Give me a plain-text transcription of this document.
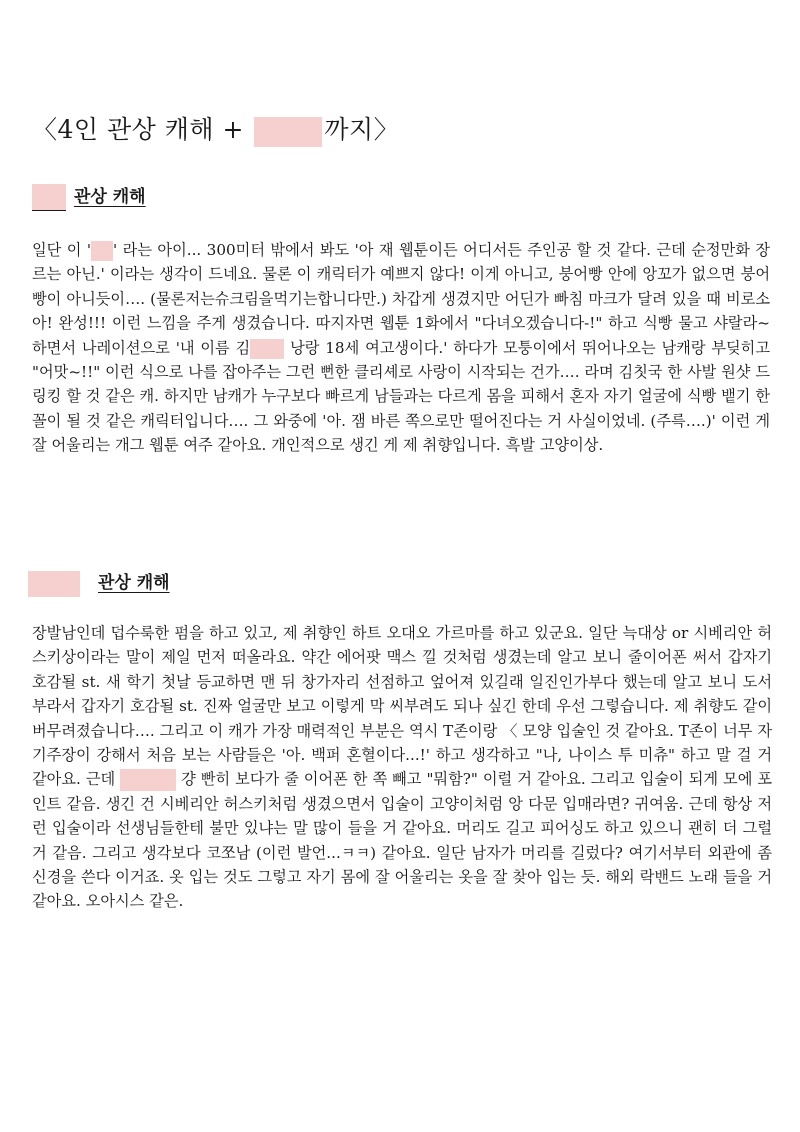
〈4인 관상 캐해 +	까지〉
관상 캐해

일단 이 ' ' 라는 아이... 300미터 밖에서 봐도 '아 재 웹툰이든 어디서든 주인공 할 것 같다. 근데 순정만화 장르는 아닌.' 이라는 생각이 드네요. 물론 이 캐릭터가 예쁘지 않다! 이게 아니고, 붕어빵 안에 앙꼬가 없으면 붕어빵이 아니듯이…. (물론저는슈크림을먹기는합니다만.) 차갑게 생겼지만 어딘가 빠침 마크가 달려 있을 때 비로소 아! 완성!!! 이런 느낌을 주게 생겼습니다. 따지자면 웹툰 1화에서 "다녀오겠습니다-!" 하고 식빵 물고 샤랄라~ 하면서 나레이션으로 '내 이름 김	낭랑 18세 여고생이다.' 하다가 모퉁이에서 뛰어나오는 남캐랑 부딪히고 "어맛~!!" 이런 식으로 나를 잡아주는 그런 뻔한 클리셰로 사랑이 시작되는 건가…. 라며 김칫국 한 사발 원샷 드링킹 할 것 같은 캐. 하지만 남캐가 누구보다 빠르게 남들과는 다르게 몸을 피해서 혼자 자기 얼굴에 식빵 뱉기 한 꼴이 될 것 같은 캐릭터입니다…. 그 와중에 '아. 잼 바른 쪽으로만 떨어진다는 거 사실이었네. (주륵….)' 이런 게 잘 어울리는 개그 웹툰 여주 같아요. 개인적으로 생긴 게 제 취향입니다. 흑발 고양이상.

관상 캐해

장발남인데 덥수룩한 펌을 하고 있고, 제 취향인 하트 오대오 가르마를 하고 있군요. 일단 늑대상 or 시베리안 허스키상이라는 말이 제일 먼저 떠올라요. 약간 에어팟 맥스 낄 것처럼 생겼는데 알고 보니 줄이어폰 써서 갑자기 호감될 st. 새 학기 첫날 등교하면 맨 뒤 창가자리 선점하고 엎어져 있길래 일진인가부다 했는데 알고 보니 도서부라서 갑자기 호감될 st. 진짜 얼굴만 보고 이렇게 막 씨부려도 되나 싶긴 한데 우선 그렇습니다. 제 취향도 같이 버무려졌습니다…. 그리고 이 캐가 가장 매력적인 부분은 역시 T존이랑 〈 모양 입술인 것 같아요. T존이 너무 자기주장이 강해서 처음 보는 사람들은 '아. 백퍼 혼혈이다...!' 하고 생각하고 "나, 나이스 투 미츄" 하고 말 걸 거 같아요. 근데	걍 빤히 보다가 줄 이어폰 한 쪽 빼고 "뭐함?" 이럴 거 같아요. 그리고 입술이 되게 모에 포인트 같음. 생긴 건 시베리안 허스키처럼 생겼으면서 입술이 고양이처럼 앙 다문 입매라면? 귀여움. 근데 항상 저런 입술이라 선생님들한테 불만 있냐는 말 많이 들을 거 같아요. 머리도 길고 피어싱도 하고 있으니 괜히 더 그럴 거 같음. 그리고 생각보다 코쪼남 (이런 발언...ㅋㅋ) 같아요. 일단 남자가 머리를 길렀다? 여기서부터 외관에 좀 신경을 쓴다 이거죠. 옷 입는 것도 그렇고 자기 몸에 잘 어울리는 옷을 잘 찾아 입는 듯. 해외 락밴드 노래 들을 거 같아요. 오아시스 같은.
